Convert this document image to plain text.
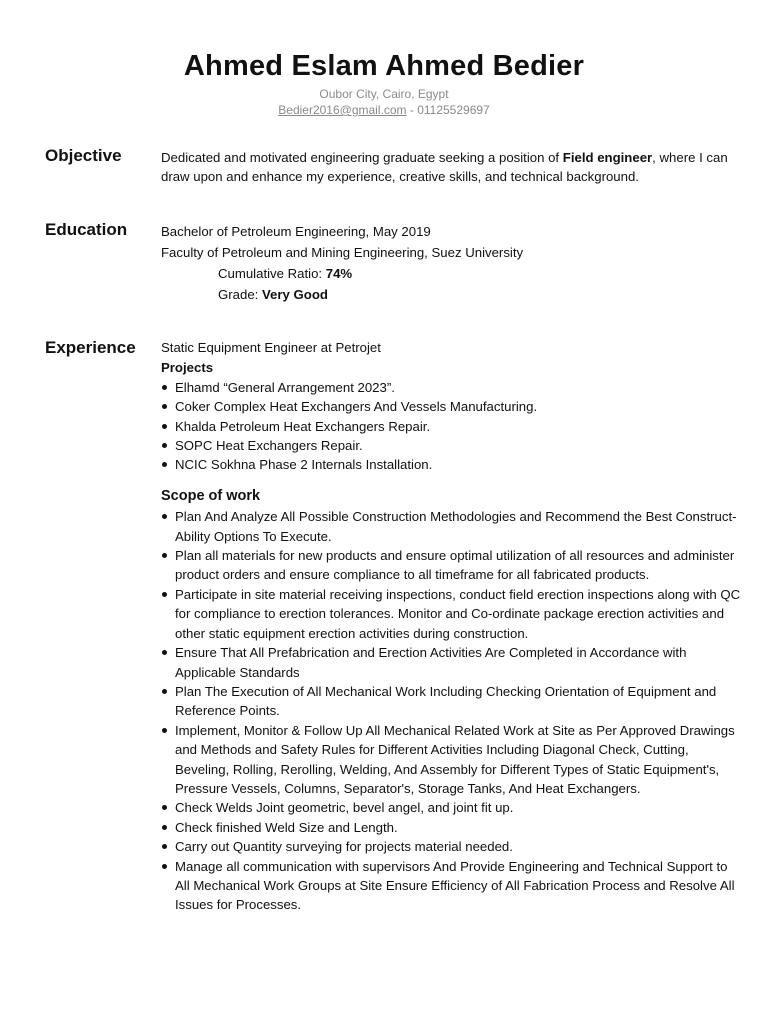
Ahmed Eslam Ahmed Bedier
Oubor City, Cairo, Egypt
Bedier2016@gmail.com - 01125529697
Objective	Dedicated and motivated engineering graduate seeking a position of Field engineer, where I can draw upon and enhance my experience, creative skills, and technical background.
Education	Bachelor of Petroleum Engineering, May 2019
Faculty of Petroleum and Mining Engineering, Suez University
Cumulative Ratio: 74%
Grade: Very Good
Experience Static Equipment Engineer at Petrojet
Projects
Elhamd “General Arrangement 2023”.
Coker Complex Heat Exchangers And Vessels Manufacturing.
Khalda Petroleum Heat Exchangers Repair.
SOPC Heat Exchangers Repair.
NCIC Sokhna Phase 2 Internals Installation.
Scope of work
Plan And Analyze All Possible Construction Methodologies and Recommend the Best Construct-Ability Options To Execute.
Plan all materials for new products and ensure optimal utilization of all resources and administer product orders and ensure compliance to all timeframe for all fabricated products.
Participate in site material receiving inspections, conduct field erection inspections along with QC for compliance to erection tolerances. Monitor and Co-ordinate package erection activities and other static equipment erection activities during construction.
Ensure That All Prefabrication and Erection Activities Are Completed in Accordance with Applicable Standards
Plan The Execution of All Mechanical Work Including Checking Orientation of Equipment and Reference Points.
Implement, Monitor & Follow Up All Mechanical Related Work at Site as Per Approved Drawings and Methods and Safety Rules for Different Activities Including Diagonal Check, Cutting, Beveling, Rolling, Rerolling, Welding, And Assembly for Different Types of Static Equipment's, Pressure Vessels, Columns, Separator's, Storage Tanks, And Heat Exchangers.
Check Welds Joint geometric, bevel angel, and joint fit up.
Check finished Weld Size and Length.
Carry out Quantity surveying for projects material needed.
Manage all communication with supervisors And Provide Engineering and Technical Support to All Mechanical Work Groups at Site Ensure Efficiency of All Fabrication Process and Resolve All Issues for Processes.
